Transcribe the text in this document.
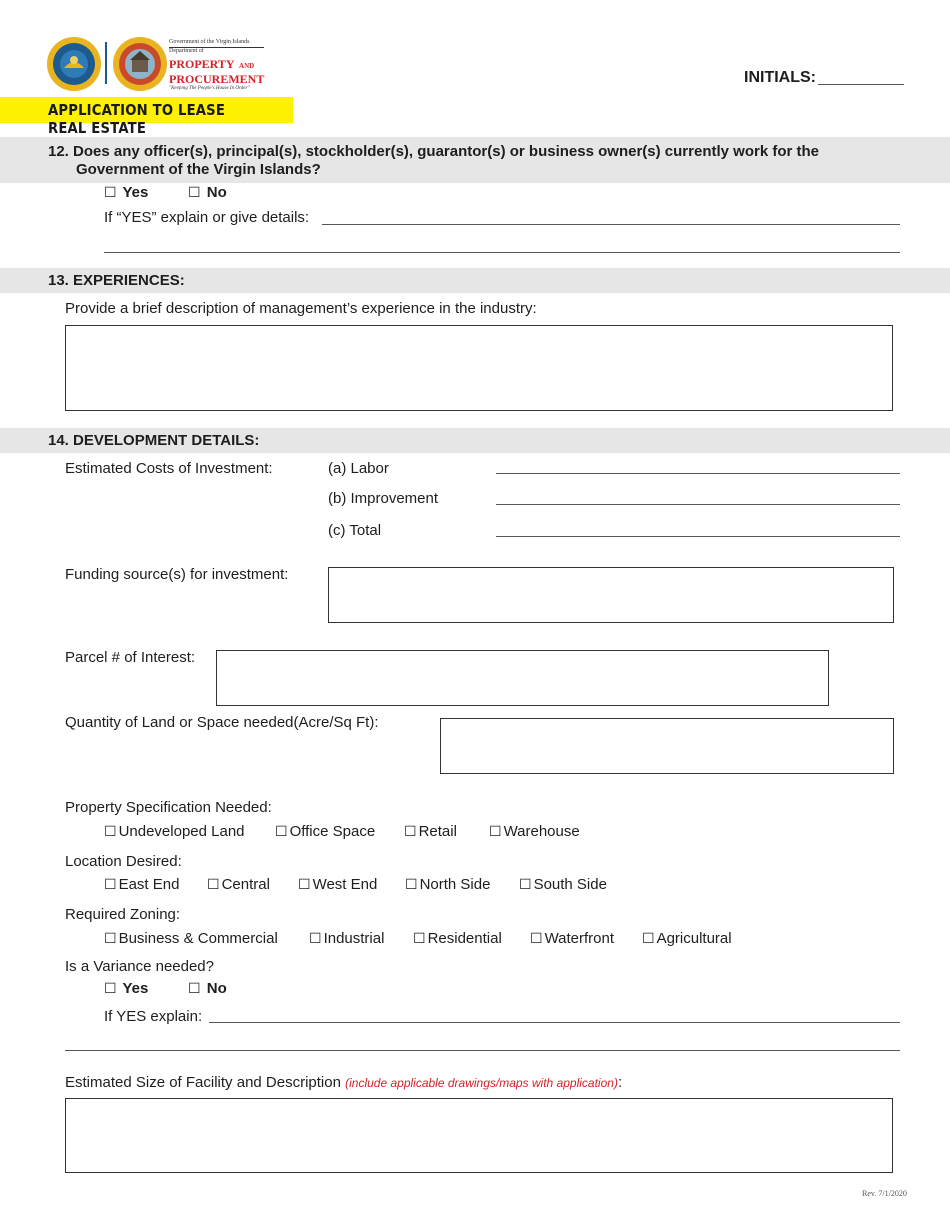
Government of the Virgin Islands
Department of
PROPERTY AND
PROCUREMENT
"Keeping The People's House In Order"
INITIALS:
APPLICATION TO LEASE REAL ESTATE
12. Does any officer(s), principal(s), stockholder(s), guarantor(s) or business owner(s) currently work for the
Government of the Virgin Islands?
☐ Yes	☐ No
If “YES” explain or give details:
13. EXPERIENCES:
Provide a brief description of management’s experience in the industry:
14. DEVELOPMENT DETAILS:
Estimated Costs of Investment:	(a) Labor
(b) Improvement
(c) Total
Funding source(s) for investment:
Parcel # of Interest:
Quantity of Land or Space needed(Acre/Sq Ft):
Property Specification Needed:
☐ Undeveloped Land ☐ Office Space ☐ Retail ☐ Warehouse
Location Desired:
☐ East End ☐ Central ☐ West End ☐ North Side ☐ South Side
Required Zoning:
☐ Business & Commercial ☐ Industrial ☐ Residential ☐ Waterfront ☐ Agricultural
Is a Variance needed?
☐ Yes	☐ No
If YES explain:
Estimated Size of Facility and Description (include applicable drawings/maps with application):
Rev. 7/1/2020
